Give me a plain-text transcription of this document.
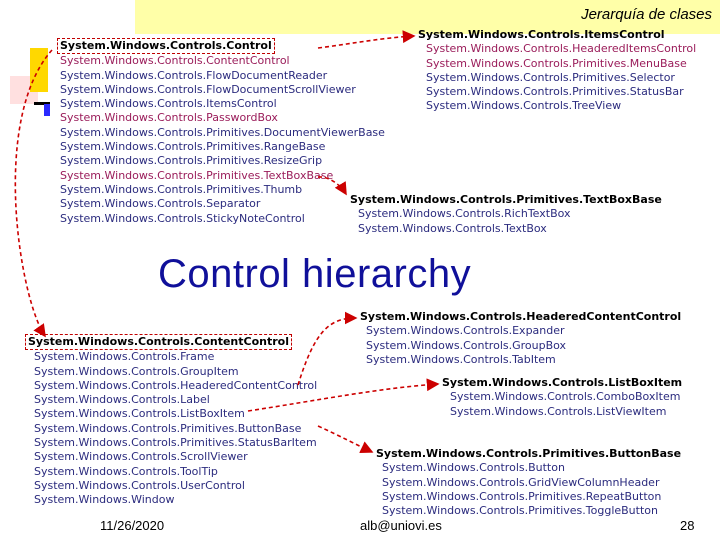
Jerarquía de clases
System.Windows.Controls.Control
System.Windows.Controls.ContentControl
System.Windows.Controls.FlowDocumentReader
System.Windows.Controls.FlowDocumentScrollViewer
System.Windows.Controls.ItemsControl
System.Windows.Controls.PasswordBox
System.Windows.Controls.Primitives.DocumentViewerBase
System.Windows.Controls.Primitives.RangeBase
System.Windows.Controls.Primitives.ResizeGrip
System.Windows.Controls.Primitives.TextBoxBase
System.Windows.Controls.Primitives.Thumb
System.Windows.Controls.Separator
System.Windows.Controls.StickyNoteControl
System.Windows.Controls.ItemsControl
System.Windows.Controls.HeaderedItemsControl
System.Windows.Controls.Primitives.MenuBase
System.Windows.Controls.Primitives.Selector
System.Windows.Controls.Primitives.StatusBar
System.Windows.Controls.TreeView
System.Windows.Controls.Primitives.TextBoxBase
System.Windows.Controls.RichTextBox
System.Windows.Controls.TextBox
Control hierarchy
System.Windows.Controls.ContentControl
System.Windows.Controls.Frame
System.Windows.Controls.GroupItem
System.Windows.Controls.HeaderedContentControl
System.Windows.Controls.Label
System.Windows.Controls.ListBoxItem
System.Windows.Controls.Primitives.ButtonBase
System.Windows.Controls.Primitives.StatusBarItem
System.Windows.Controls.ScrollViewer
System.Windows.Controls.ToolTip
System.Windows.Controls.UserControl
System.Windows.Window
System.Windows.Controls.HeaderedContentControl
System.Windows.Controls.Expander
System.Windows.Controls.GroupBox
System.Windows.Controls.TabItem
System.Windows.Controls.ListBoxItem
System.Windows.Controls.ComboBoxItem
System.Windows.Controls.ListViewItem
System.Windows.Controls.Primitives.ButtonBase
System.Windows.Controls.Button
System.Windows.Controls.GridViewColumnHeader
System.Windows.Controls.Primitives.RepeatButton
System.Windows.Controls.Primitives.ToggleButton
11/26/2020	alb@uniovi.es	28
